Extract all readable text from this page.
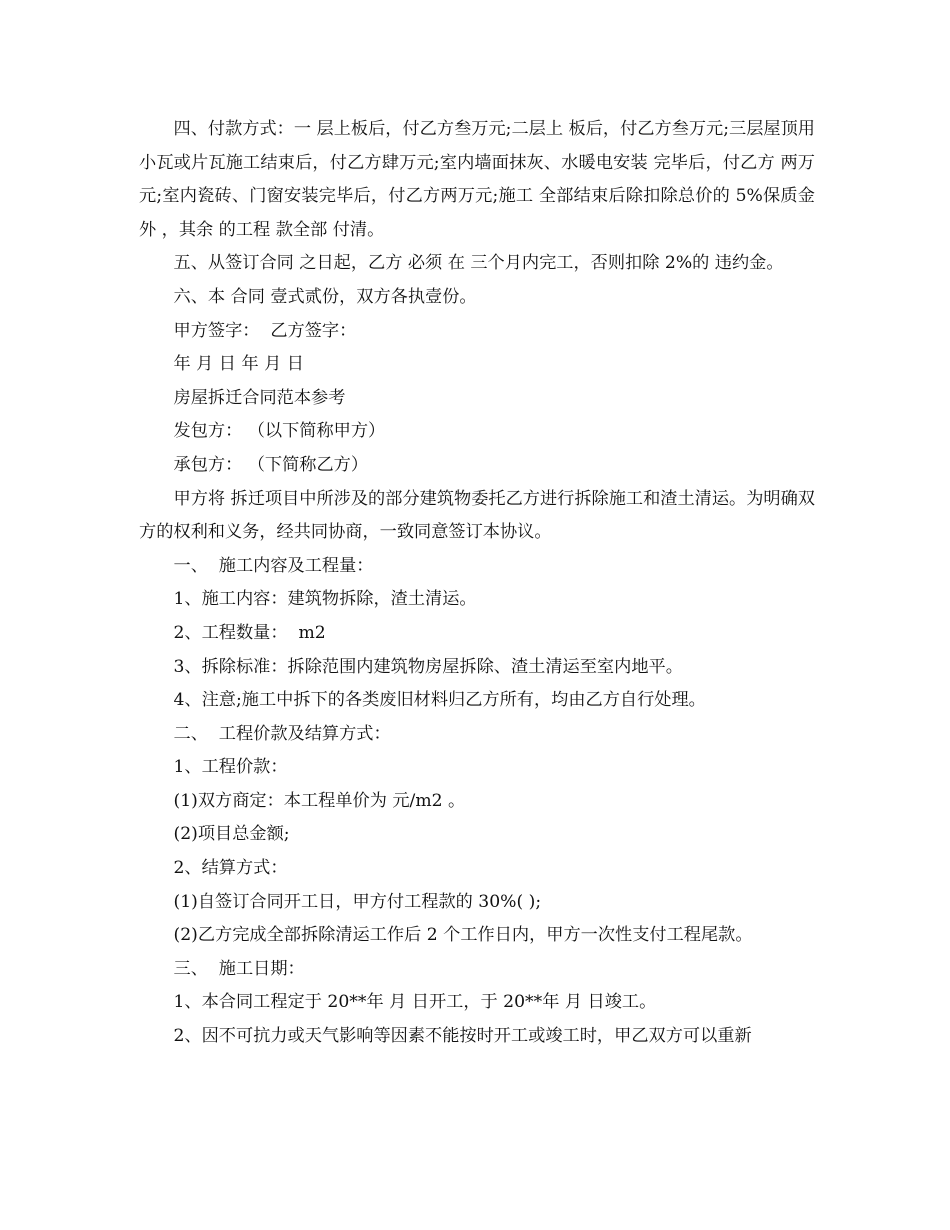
四、付款方式：一 层上板后，付乙方叁万元;二层上 板后，付乙方叁万元;三层屋顶用 小瓦或片瓦施工结束后，付乙方肆万元;室内墙面抹灰、水暖电安装 完毕后，付乙方 两万元;室内瓷砖、门窗安装完毕后，付乙方两万元;施工 全部结束后除扣除总价的 5%保质金外 ，其余 的工程 款全部 付清。

五、从签订合同 之日起，乙方 必须 在 三个月内完工，否则扣除 2%的 违约金。

六、本 合同 壹式贰份，双方各执壹份。

甲方签字：  乙方签字：

年 月 日 年 月 日

房屋拆迁合同范本参考

发包方： （以下简称甲方）

承包方： （下简称乙方）

甲方将 拆迁项目中所涉及的部分建筑物委托乙方进行拆除施工和渣土清运。为明确双方的权利和义务，经共同协商，一致同意签订本协议。

一、  施工内容及工程量：

1、施工内容：建筑物拆除，渣土清运。

2、工程数量：  m2

3、拆除标准：拆除范围内建筑物房屋拆除、渣土清运至室内地平。

4、注意;施工中拆下的各类废旧材料归乙方所有，均由乙方自行处理。

二、  工程价款及结算方式：

1、工程价款：

(1)双方商定：本工程单价为 元/m2 。

(2)项目总金额;

2、结算方式：

(1)自签订合同开工日，甲方付工程款的 30%( );

(2)乙方完成全部拆除清运工作后 2 个工作日内，甲方一次性支付工程尾款。

三、  施工日期：

1、本合同工程定于 20**年 月 日开工，于 20**年 月 日竣工。

2、因不可抗力或天气影响等因素不能按时开工或竣工时，甲乙双方可以重新
